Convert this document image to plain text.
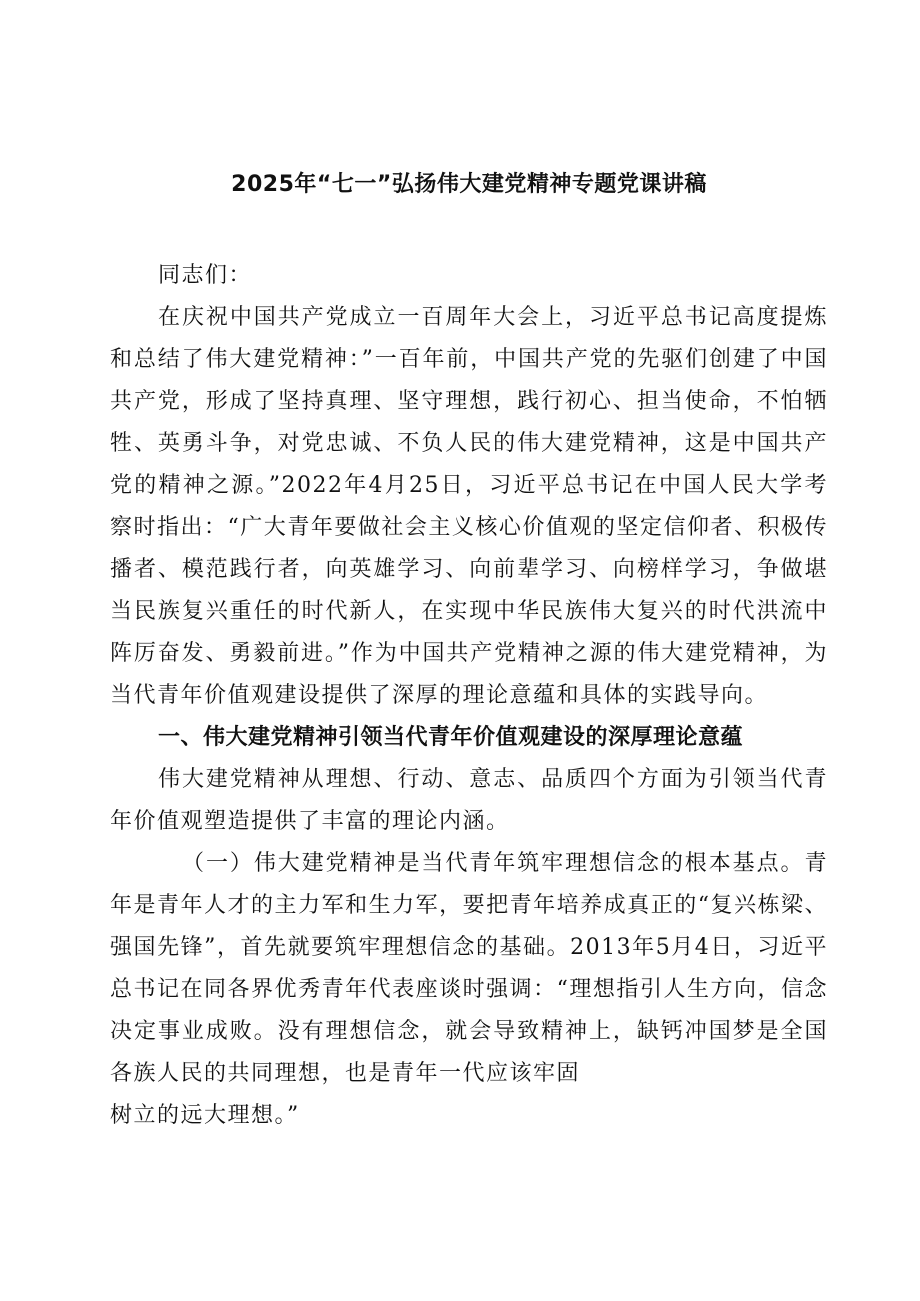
2025年“七一”弘扬伟大建党精神专题党课讲稿

同志们：

在庆祝中国共产党成立一百周年大会上，习近平总书记高度提炼和总结了伟大建党精神：”一百年前，中国共产党的先驱们创建了中国共产党，形成了坚持真理、坚守理想，践行初心、担当使命，不怕牺牲、英勇斗争，对党忠诚、不负人民的伟大建党精神，这是中国共产党的精神之源。”2022年4月25日，习近平总书记在中国人民大学考察时指出：“广大青年要做社会主义核心价值观的坚定信仰者、积极传播者、模范践行者，向英雄学习、向前辈学习、向榜样学习，争做堪当民族复兴重任的时代新人，在实现中华民族伟大复兴的时代洪流中阵厉奋发、勇毅前进。”作为中国共产党精神之源的伟大建党精神，为当代青年价值观建设提供了深厚的理论意蕴和具体的实践导向。

一、伟大建党精神引领当代青年价值观建设的深厚理论意蕴

伟大建党精神从理想、行动、意志、品质四个方面为引领当代青年价值观塑造提供了丰富的理论内涵。

（一）伟大建党精神是当代青年筑牢理想信念的根本基点。青年是青年人才的主力军和生力军，要把青年培养成真正的“复兴栋梁、强国先锋”，首先就要筑牢理想信念的基础。2013年5月4日，习近平总书记在同各界优秀青年代表座谈时强调：“理想指引人生方向，信念决定事业成败。没有理想信念，就会导致精神上，缺钙冲国梦是全国各族人民的共同理想，也是青年一代应该牢固

树立的远大理想。”
